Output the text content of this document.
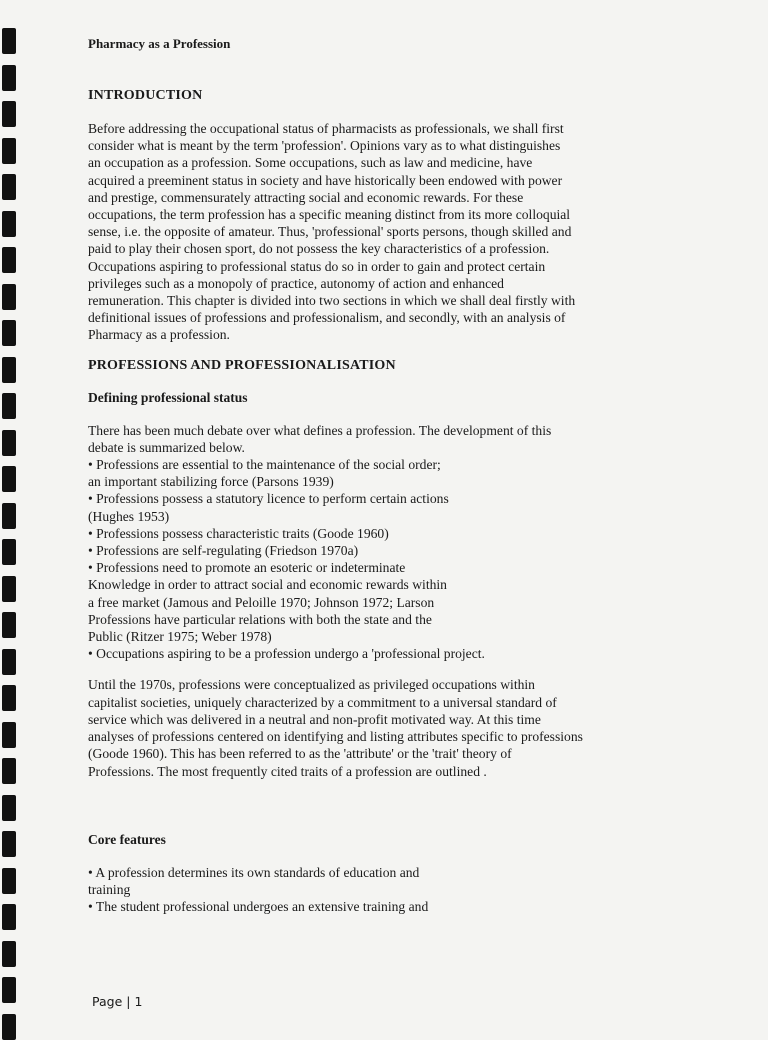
Pharmacy as a Profession
INTRODUCTION
Before addressing the occupational status of pharmacists as professionals, we shall first
consider what is meant by the term 'profession'. Opinions vary as to what distinguishes
an occupation as a profession. Some occupations, such as law and medicine, have
acquired a preeminent status in society and have historically been endowed with power
and prestige, commensurately attracting social and economic rewards. For these
occupations, the term profession has a specific meaning distinct from its more colloquial
sense, i.e. the opposite of amateur. Thus, 'professional' sports persons, though skilled and
paid to play their chosen sport, do not possess the key characteristics of a profession.
Occupations aspiring to professional status do so in order to gain and protect certain
privileges such as a monopoly of practice, autonomy of action and enhanced
remuneration. This chapter is divided into two sections in which we shall deal firstly with
definitional issues of professions and professionalism, and secondly, with an analysis of
Pharmacy as a profession.
PROFESSIONS AND PROFESSIONALISATION
Defining professional status
There has been much debate over what defines a profession. The development of this
debate is summarized below.
• Professions are essential to the maintenance of the social order;
an important stabilizing force (Parsons 1939)
• Professions possess a statutory licence to perform certain actions
(Hughes 1953)
• Professions possess characteristic traits (Goode 1960)
• Professions are self-regulating (Friedson 1970a)
• Professions need to promote an esoteric or indeterminate
Knowledge in order to attract social and economic rewards within
a free market (Jamous and Peloille 1970; Johnson 1972; Larson
Professions have particular relations with both the state and the
Public (Ritzer 1975; Weber 1978)
• Occupations aspiring to be a profession undergo a 'professional project.
Until the 1970s, professions were conceptualized as privileged occupations within
capitalist societies, uniquely characterized by a commitment to a universal standard of
service which was delivered in a neutral and non-profit motivated way. At this time
analyses of professions centered on identifying and listing attributes specific to professions
(Goode 1960). This has been referred to as the 'attribute' or the 'trait' theory of
Professions. The most frequently cited traits of a profession are outlined .
Core features
• A profession determines its own standards of education and
training
• The student professional undergoes an extensive training and
Page | 1
